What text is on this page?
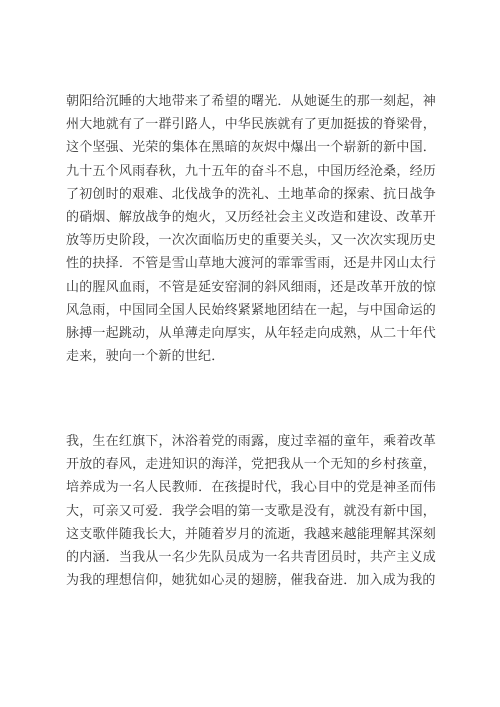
朝阳给沉睡的大地带来了希望的曙光．从她诞生的那一刻起，神州大地就有了一群引路人，中华民族就有了更加挺拔的脊梁骨，这个坚强、光荣的集体在黑暗的灰烬中爆出一个崭新的新中国．九十五个风雨春秋，九十五年的奋斗不息，中国历经沧桑，经历了初创时的艰难、北伐战争的洗礼、土地革命的探索、抗日战争的硝烟、解放战争的炮火，又历经社会主义改造和建设、改革开放等历史阶段，一次次面临历史的重要关头，又一次次实现历史性的抉择．不管是雪山草地大渡河的霏霏雪雨，还是井冈山太行山的腥风血雨，不管是延安窑洞的斜风细雨，还是改革开放的惊风急雨，中国同全国人民始终紧紧地团结在一起，与中国命运的脉搏一起跳动，从单薄走向厚实，从年轻走向成熟，从二十年代走来，驶向一个新的世纪．

我，生在红旗下，沐浴着党的雨露，度过幸福的童年，乘着改革开放的春风，走进知识的海洋，党把我从一个无知的乡村孩童，培养成为一名人民教师．在孩提时代，我心目中的党是神圣而伟大，可亲又可爱．我学会唱的第一支歌是没有，就没有新中国，这支歌伴随我长大，并随着岁月的流逝，我越来越能理解其深刻的内涵．当我从一名少先队员成为一名共青团员时，共产主义成为我的理想信仰，她犹如心灵的翅膀，催我奋进．加入成为我的
